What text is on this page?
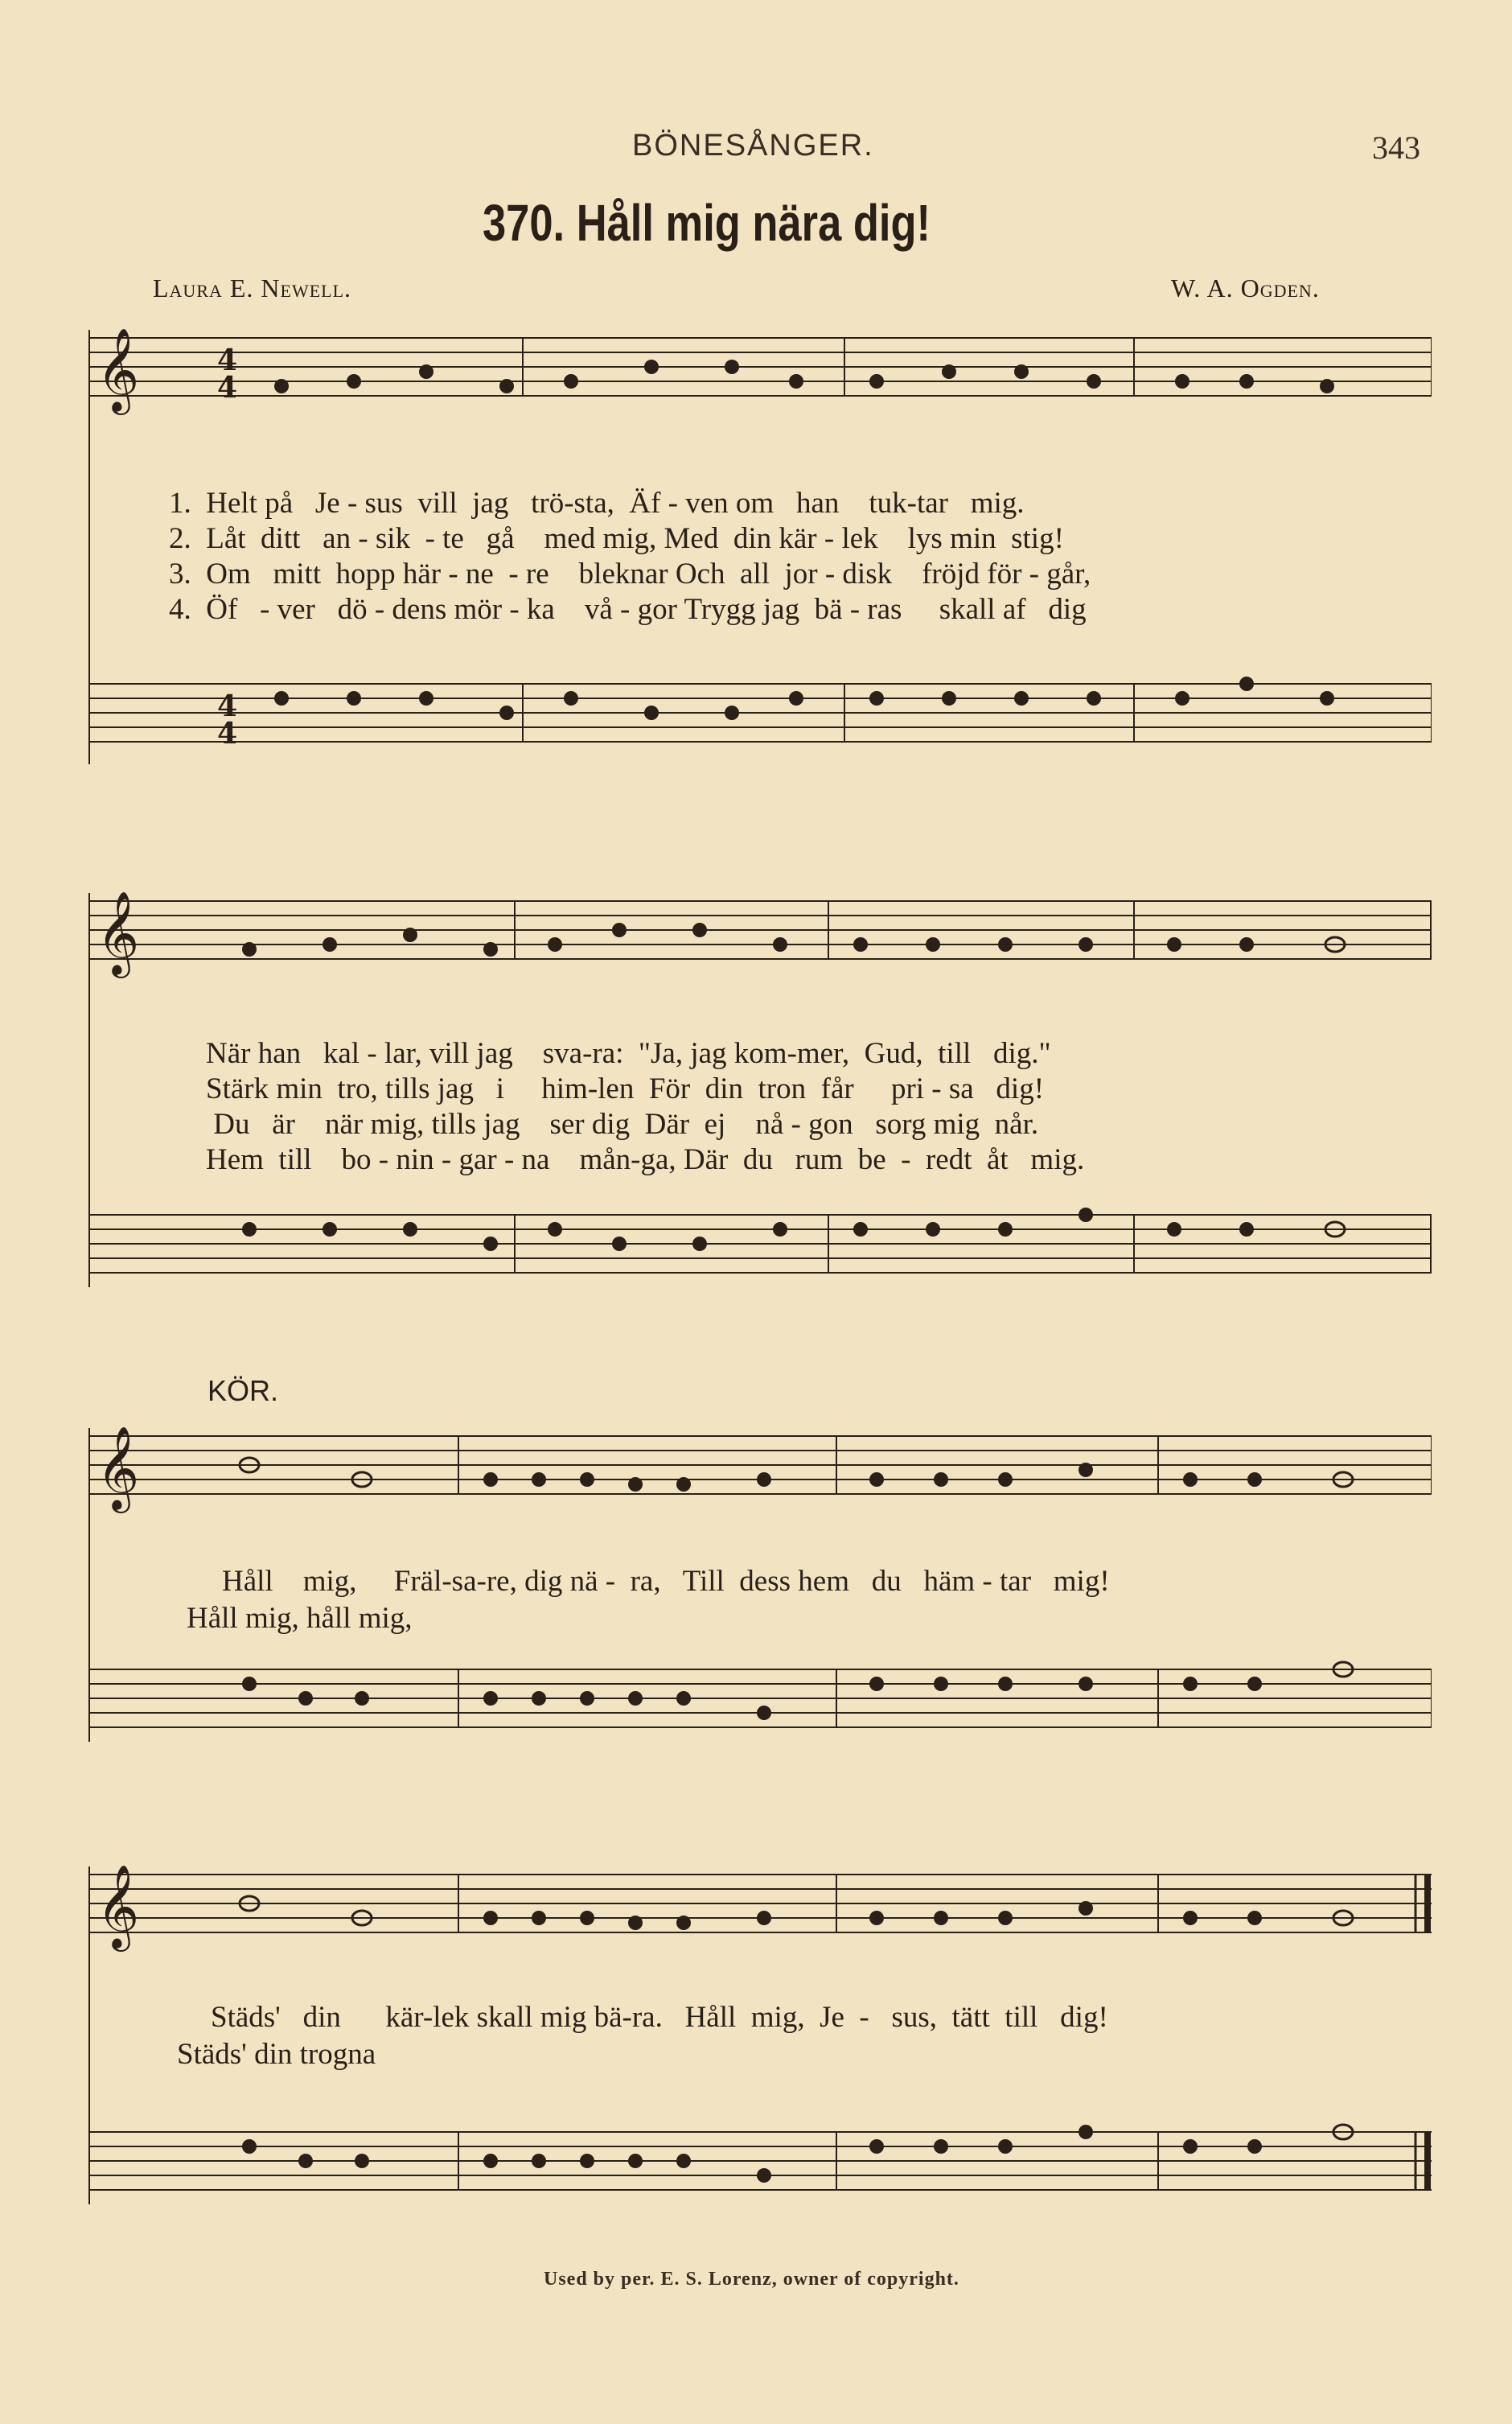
BÖNESÅNGER.	343
370. Håll mig nära dig!
Laura E. Newell.	W. A. Ogden.
𝄞	4
4
4
4
1.  Helt på   Je - sus  vill  jag   trö-sta,  Äf - ven om   han    tuk-tar   mig.
2.  Låt  ditt   an - sik  - te   gå    med mig, Med  din kär - lek    lys min  stig!
3.  Om   mitt  hopp här - ne  - re    bleknar Och  all  jor - disk    fröjd för - går,
4.  Öf   - ver   dö - dens mör - ka    vå - gor Trygg jag  bä - ras     skall af   dig
𝄞
När han   kal - lar, vill jag    sva-ra:  "Ja, jag kom-mer,  Gud,  till   dig."
Stärk min  tro, tills jag   i     him-len  För  din  tron  får     pri - sa   dig!
Du   är    när mig, tills jag    ser dig  Där  ej    nå - gon   sorg mig  når.
Hem  till    bo - nin - gar - na    mån-ga, Där  du   rum  be  -  redt  åt   mig.
KÖR.
𝄞
Håll    mig,     Fräl-sa-re, dig nä -  ra,   Till  dess hem   du   häm - tar   mig!
Håll mig, håll mig,
𝄞
Städs'   din      kär-lek skall mig bä-ra.   Håll  mig,  Je  -   sus,  tätt  till   dig!
Städs' din trogna
Used by per. E. S. Lorenz, owner of copyright.
